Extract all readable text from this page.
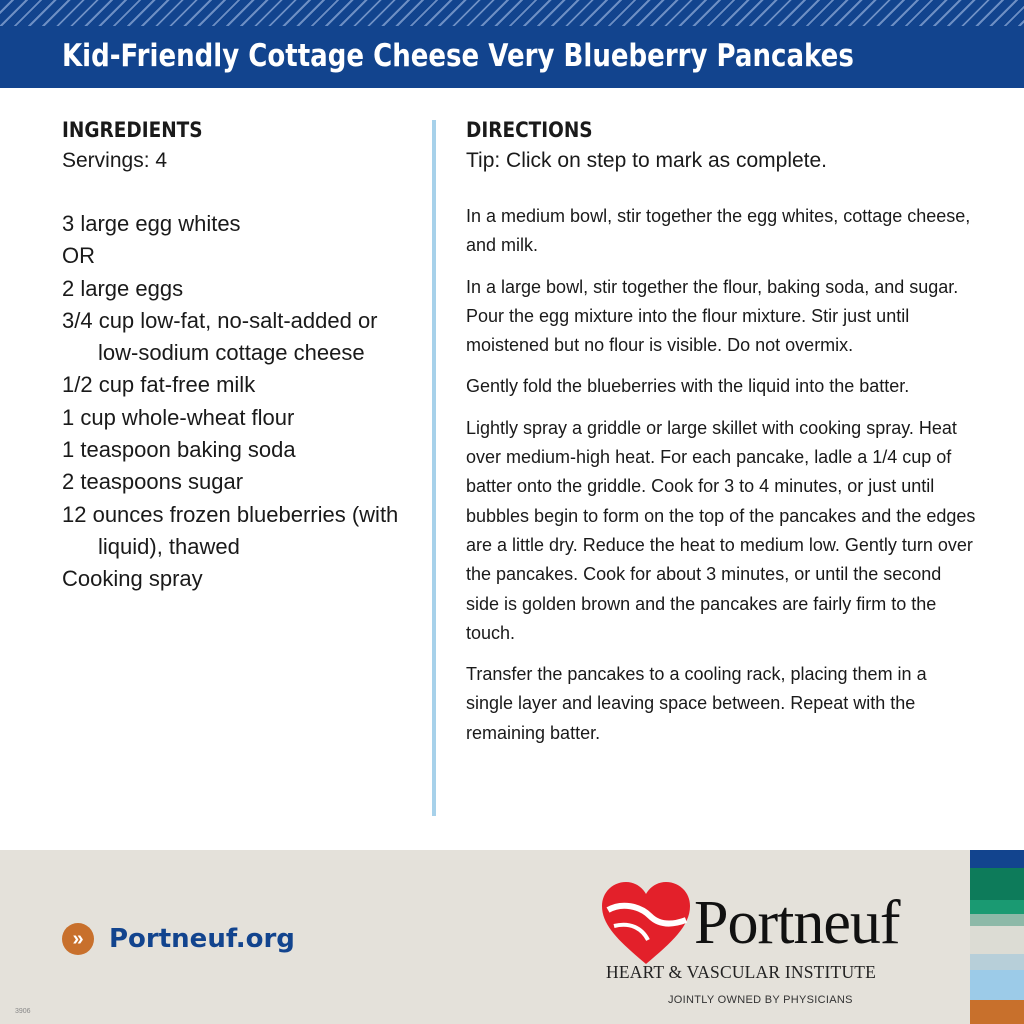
Kid-Friendly Cottage Cheese Very Blueberry Pancakes
INGREDIENTS
Servings: 4
3 large egg whites
OR
2 large eggs
3/4 cup low-fat, no-salt-added or low-sodium cottage cheese
1/2 cup fat-free milk
1 cup whole-wheat flour
1 teaspoon baking soda
2 teaspoons sugar
12 ounces frozen blueberries (with liquid), thawed
Cooking spray
DIRECTIONS
Tip: Click on step to mark as complete.
In a medium bowl, stir together the egg whites, cottage cheese, and milk.
In a large bowl, stir together the flour, baking soda, and sugar. Pour the egg mixture into the flour mixture. Stir just until moistened but no flour is visible. Do not overmix.
Gently fold the blueberries with the liquid into the batter.
Lightly spray a griddle or large skillet with cooking spray. Heat over medium-high heat. For each pancake, ladle a 1/4 cup of batter onto the griddle. Cook for 3 to 4 minutes, or just until bubbles begin to form on the top of the pancakes and the edges are a little dry. Reduce the heat to medium low. Gently turn over the pancakes. Cook for about 3 minutes, or until the second side is golden brown and the pancakes are fairly firm to the touch.
Transfer the pancakes to a cooling rack, placing them in a single layer and leaving space between. Repeat with the remaining batter.
» Portneuf.org	Portneuf
HEART & VASCULAR INSTITUTE
JOINTLY OWNED BY PHYSICIANS
3906
